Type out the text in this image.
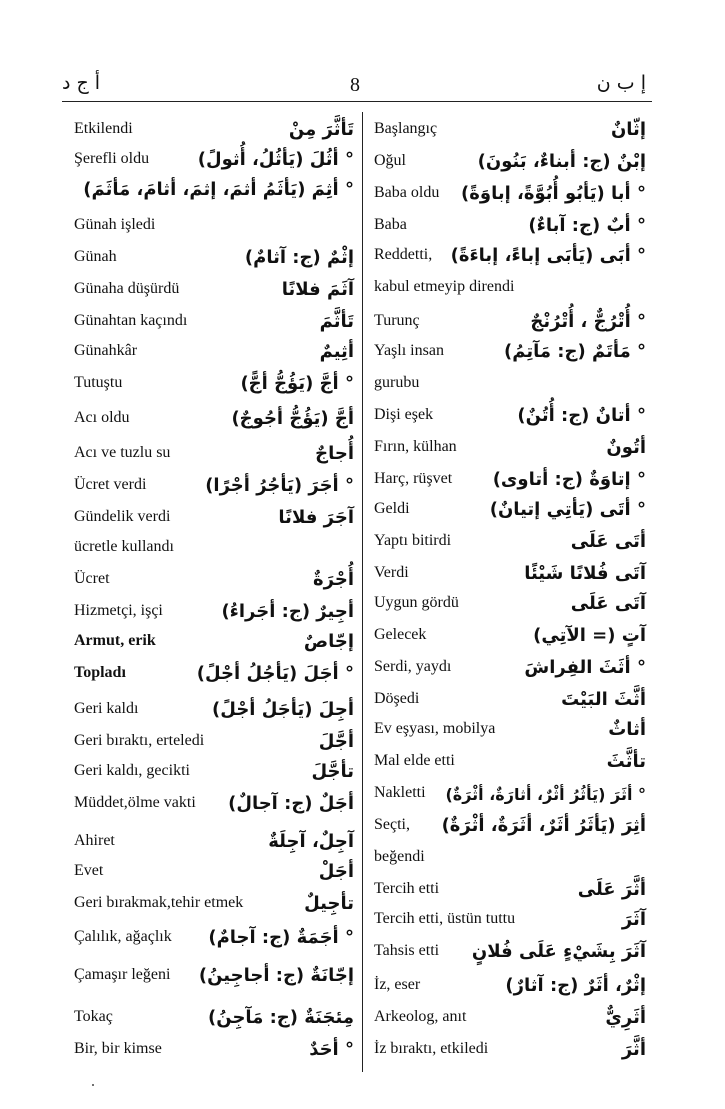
أ ج د	8	إ ب ن
Etkilendi	تَأثَّرَ مِنْ
Şerefli oldu	° أثُلَ (يَأثُلُ، أُثولً)
° أثِمَ (يَأثَمُ أثمَ، إثمَ، أثامَ، مَأثَمَ)
Günah işledi
Günah	إثْمٌ (ج: آثامٌ)
Günaha düşürdü	آثَمَ فلانًا
Günahtan kaçındı	تَأثَّمَ
Günahkâr	أثِيمٌ
Tutuştu	° أجَّ (يَؤُجُّ أجًّ)
Acı oldu	أجَّ (يَؤُجُّ أجُوجٌ)
Acı ve tuzlu su	أُجاجٌ
Ücret verdi	° أجَرَ (يَأجُرُ أجْرًا)
Gündelik verdi	آجَرَ فلانًا
ücretle kullandı
Ücret	أُجْرَةٌ
Hizmetçi, işçi	أجِيرٌ (ج: أجَراءُ)
Armut, erik	إجّاصٌ
Topladı	° أجَلَ (يَأجُلُ أجْلً)
Geri kaldı	أجِلَ (يَأجَلُ أجْلً)
Geri bıraktı, erteledi	أجَّلَ
Geri kaldı, gecikti	تأجَّلَ
Müddet,ölme vakti أجَلٌ (ج: آجالٌ)
Ahiret	آجِلٌ، آجِلَةٌ
Evet	أجَلْ
Geri bırakmak,tehir etmek	تأجِيلٌ
Çalılık, ağaçlık ° أجَمَةٌ (ج: آجامٌ)
Çamaşır leğeni إجّانَةٌ (ج: أجاجِينُ)
Tokaç	مِئجَنَةٌ (ج: مَآجِنُ)
Bir, bir kimse	° أحَدٌ
Başlangıç	إثّانٌ
Oğul	إبْنٌ (ج: أبناءٌ، بَنُونَ)
Baba oldu ° أبا (يَأبُو أُبُوَّةً، إباوَةً)
Baba	° أبٌ (ج: آباءٌ)
Reddetti, ° أبَى (يَأبَى إباءً، إباءَةً)
kabul etmeyip direndi
Turunç	° أُتْرُجٌّ ، أُتْرُنْجٌ
Yaşlı insan	° مَأتَمٌ (ج: مَآتِمُ)
gurubu
Dişi eşek	° أتانٌ (ج: أُتُنٌ)
Fırın, külhan	أتُونٌ
Harç, rüşvet ° إتاوَةٌ (ج: أتاوى)
Geldi	° أتَى (يَأتِي إتيانٌ)
Yaptı bitirdi	أتَى عَلَى
Verdi	آتَى فُلانًا شَيْئًا
Uygun gördü	آتَى عَلَى
Gelecek	آتٍ (= الآتِي)
Serdi, yaydı	° أثَثَ الفِراشَ
Döşedi	أثَّثَ البَيْتَ
Ev eşyası, mobilya	أثاثٌ
Mal elde etti	تأثَّثَ
Nakletti ° أثَرَ (يَأثُرُ أثْرٌ، أثارَةٌ، أثْرَةٌ)
Seçti, أثِرَ (يَأثَرُ أثَرٌ، أثَرَةٌ، أثْرَةٌ)
beğendi
Tercih etti	أثَّرَ عَلَى
Tercih etti, üstün tuttu	آثَرَ
Tahsis etti آثَرَ بِشَيْءٍ عَلَى فُلانٍ
İz, eser	إثْرٌ، أثَرٌ (ج: آثارٌ)
Arkeolog, anıt	أثَرِيٌّ
İz bıraktı, etkiledi	أثَّرَ
